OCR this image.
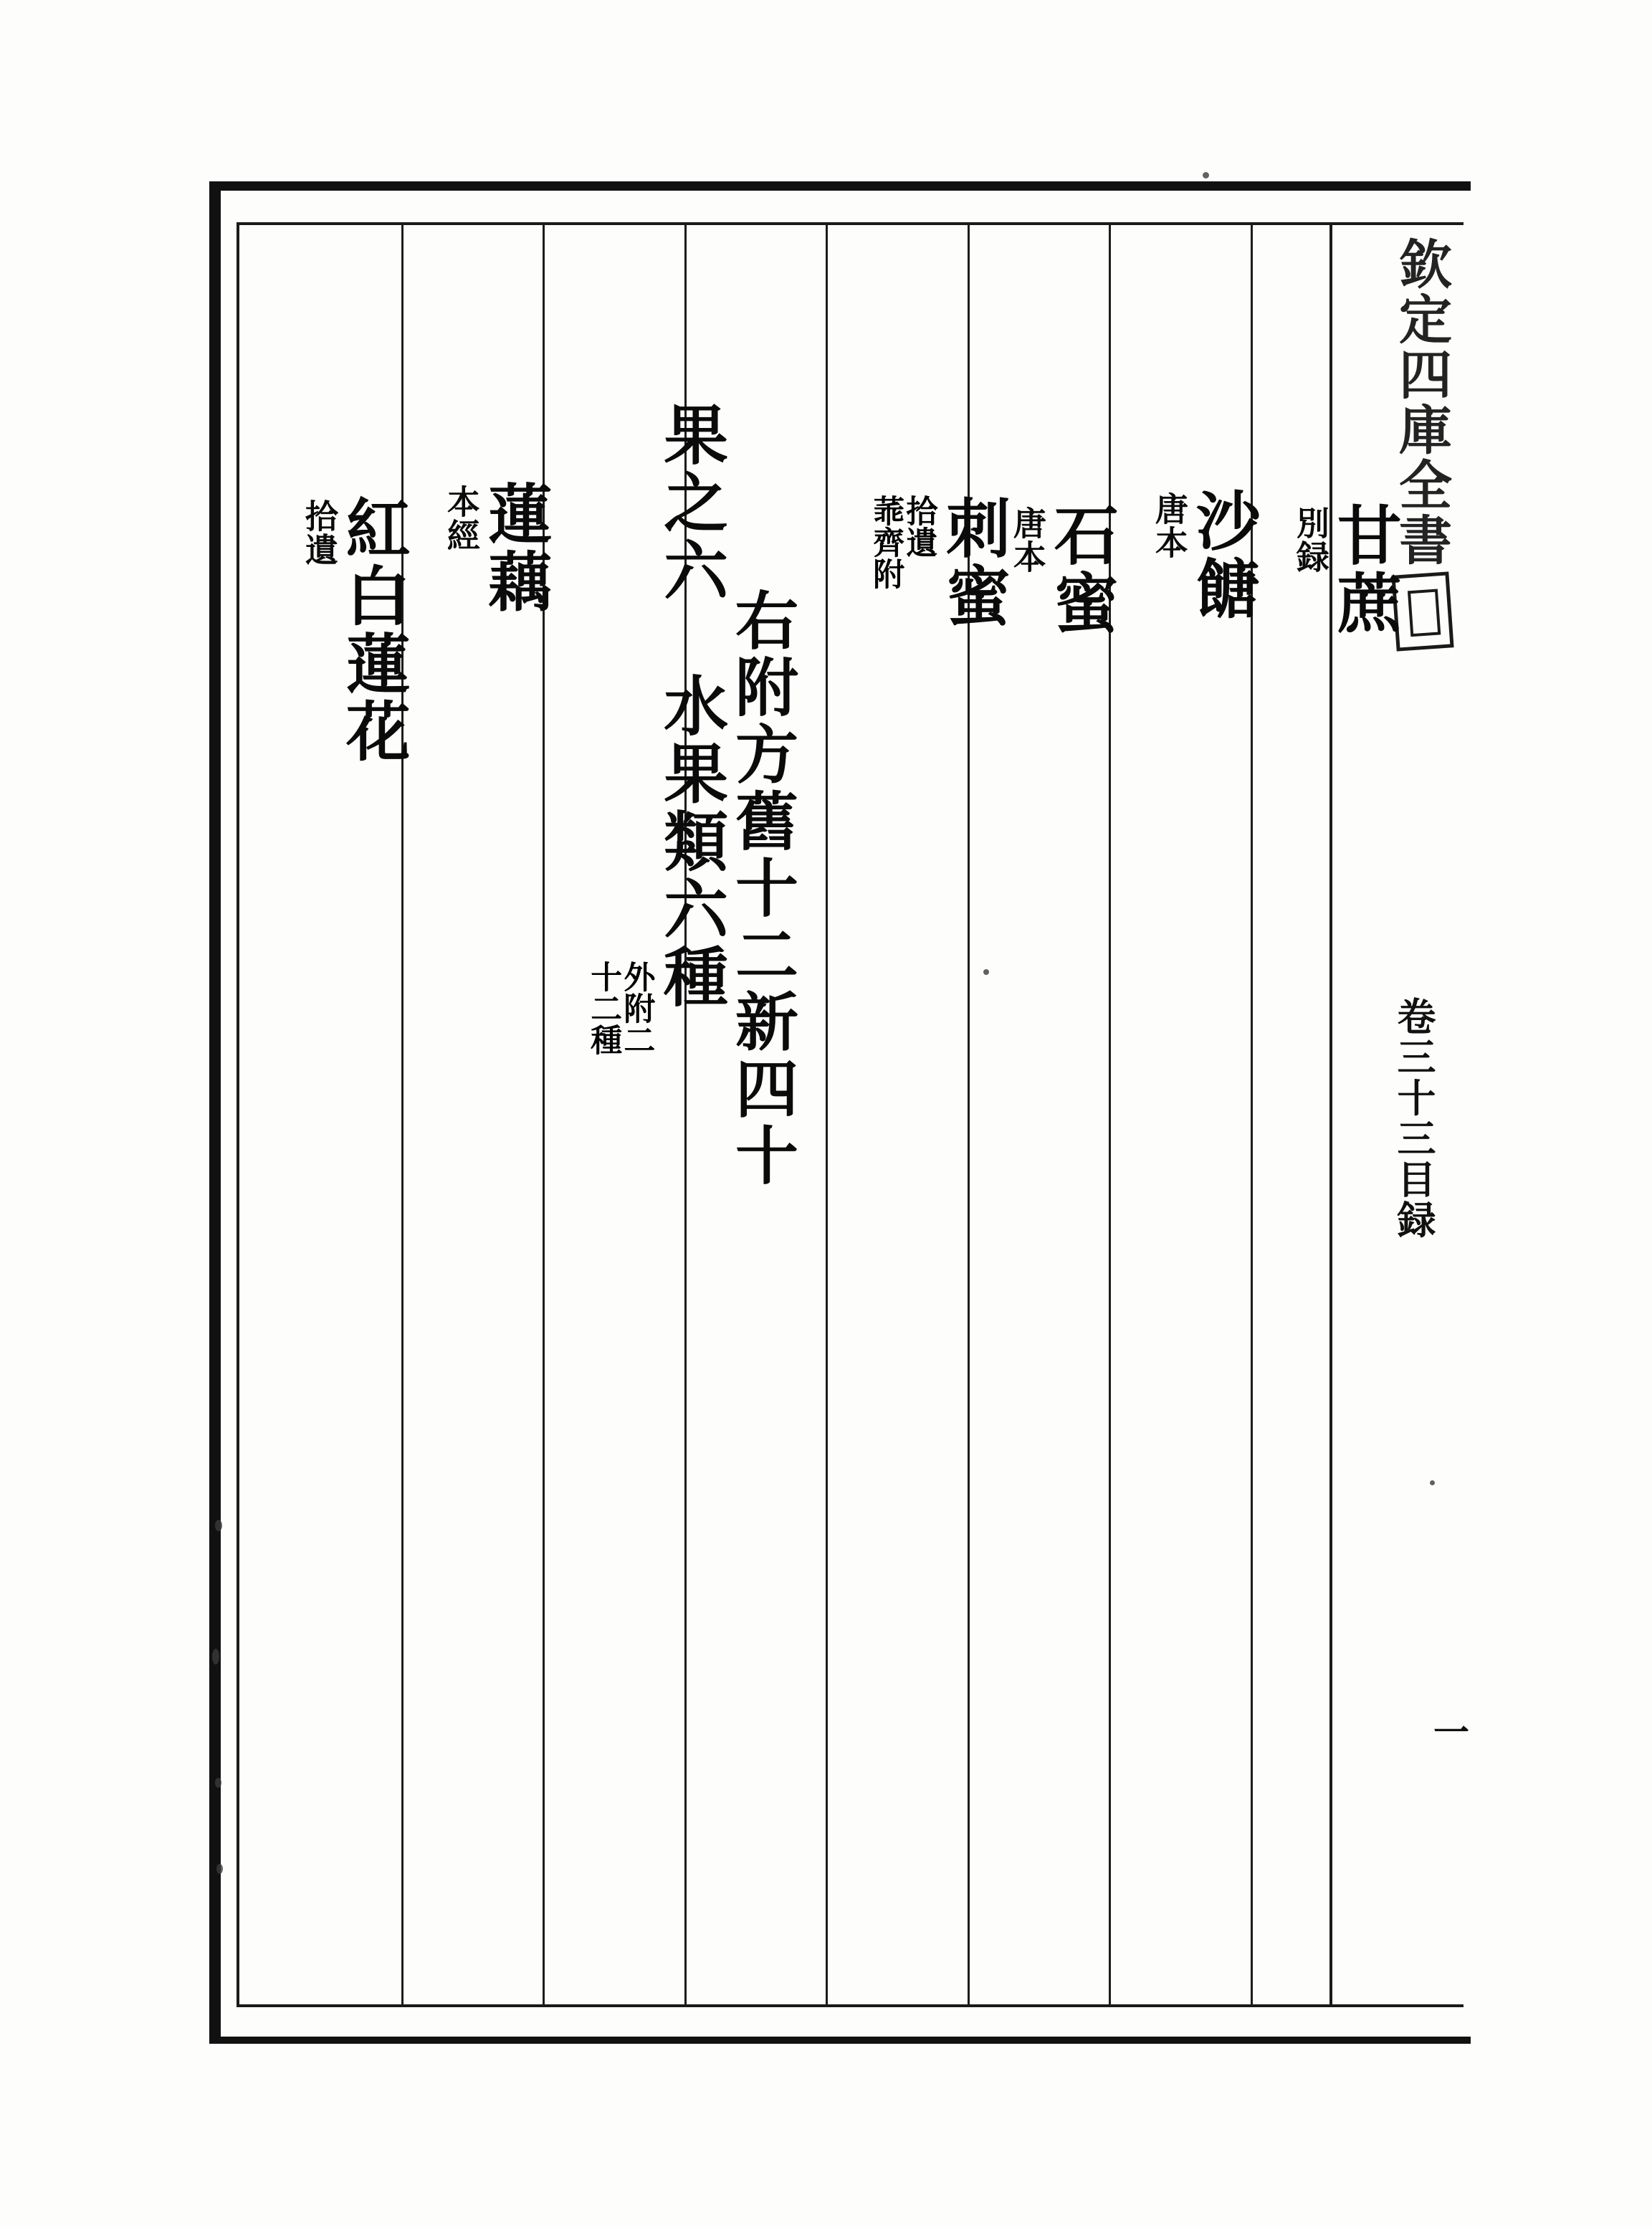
欽定四庫全書
卷三十三目録
一
甘蔗
別録
沙餹
唐本
石蜜
唐本
刺蜜
拾遺
䓙齊附
右附方舊十二新四十
果之六　水果類六種
外附二
十二種
蓮藕
本經
紅白蓮花
拾遺
